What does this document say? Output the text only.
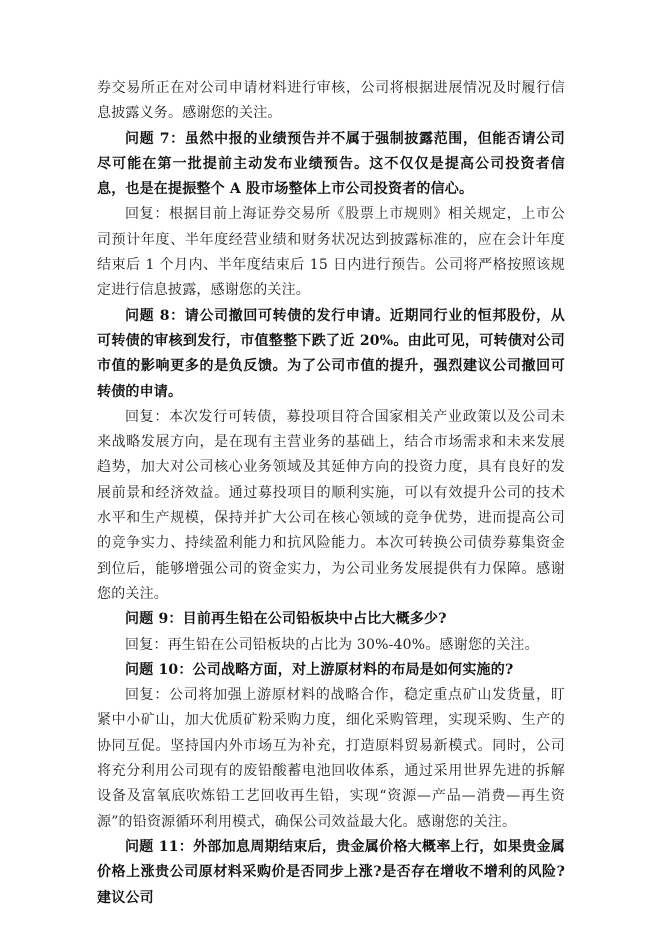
券交易所正在对公司申请材料进行审核，公司将根据进展情况及时履行信息披露义务。感谢您的关注。

问题 7：虽然中报的业绩预告并不属于强制披露范围，但能否请公司尽可能在第一批提前主动发布业绩预告。这不仅仅是提高公司投资者信息，也是在提振整个 A 股市场整体上市公司投资者的信心。

回复：根据目前上海证券交易所《股票上市规则》相关规定，上市公司预计年度、半年度经营业绩和财务状况达到披露标准的，应在会计年度结束后 1 个月内、半年度结束后 15 日内进行预告。公司将严格按照该规定进行信息披露，感谢您的关注。

问题 8：请公司撤回可转债的发行申请。近期同行业的恒邦股份，从可转债的审核到发行，市值整整下跌了近 20%。由此可见，可转债对公司市值的影响更多的是负反馈。为了公司市值的提升，强烈建议公司撤回可转债的申请。

回复：本次发行可转债，募投项目符合国家相关产业政策以及公司未来战略发展方向，是在现有主营业务的基础上，结合市场需求和未来发展趋势，加大对公司核心业务领域及其延伸方向的投资力度，具有良好的发展前景和经济效益。通过募投项目的顺利实施，可以有效提升公司的技术水平和生产规模，保持并扩大公司在核心领域的竞争优势，进而提高公司的竞争实力、持续盈利能力和抗风险能力。本次可转换公司债券募集资金到位后，能够增强公司的资金实力，为公司业务发展提供有力保障。感谢您的关注。

问题 9：目前再生铅在公司铅板块中占比大概多少?

回复：再生铅在公司铅板块的占比为 30%-40%。感谢您的关注。

问题 10：公司战略方面，对上游原材料的布局是如何实施的?

回复：公司将加强上游原材料的战略合作，稳定重点矿山发货量，盯紧中小矿山，加大优质矿粉采购力度，细化采购管理，实现采购、生产的协同互促。坚持国内外市场互为补充，打造原料贸易新模式。同时，公司将充分利用公司现有的废铅酸蓄电池回收体系，通过采用世界先进的拆解设备及富氧底吹炼铅工艺回收再生铅，实现“资源—产品—消费—再生资源”的铅资源循环利用模式，确保公司效益最大化。感谢您的关注。

问题 11：外部加息周期结束后，贵金属价格大概率上行，如果贵金属价格上涨贵公司原材料采购价是否同步上涨?是否存在增收不增利的风险?建议公司
